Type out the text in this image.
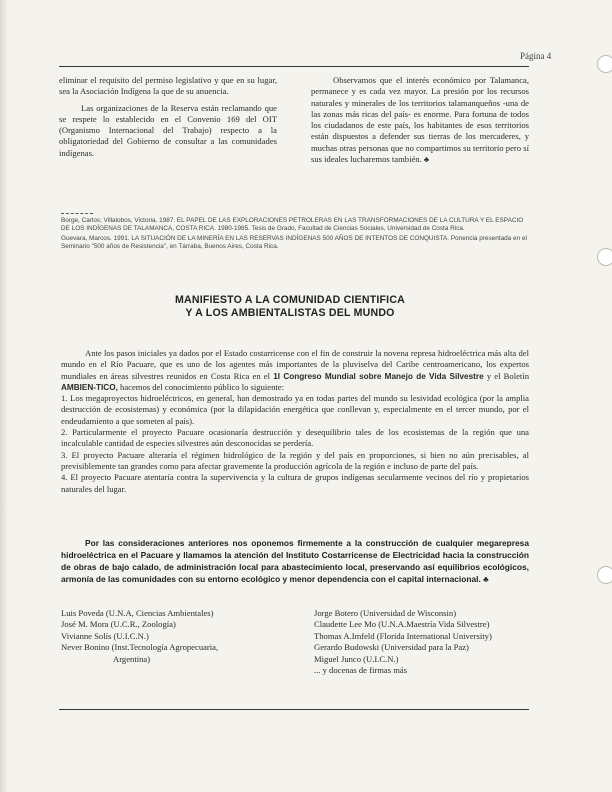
Página 4

eliminar el requisito del permiso legislativo y que en su lugar, sea la Asociación Indígena la que de su anuencia.

Las organizaciones de la Reserva están reclamando que se respete lo establecido en el Convenio 169 del OIT (Organismo Internacional del Trabajo) respecto a la obligatoriedad del Gobierno de consultar a las comunidades indígenas.

Observamos que el interés económico por Talamanca, permanece y es cada vez mayor. La presión por los recursos naturales y minerales de los territorios talamanqueños -una de las zonas más ricas del país- es enorme. Para fortuna de todos los ciudadanos de este país, los habitantes de esos territorios están dispuestos a defender sus tierras de los mercaderes, y muchas otras personas que no compartimos su territorio pero sí sus ideales lucharemos también. ♣

Borge, Carlos; Villalobos, Victoria. 1987. EL PAPEL DE LAS EXPLORACIONES PETROLERAS EN LAS TRANSFORMACIONES DE LA CULTURA Y EL ESPACIO DE LOS INDÍGENAS DE TALAMANCA, COSTA RICA. 1980-1985. Tesis de Grado, Facultad de Ciencias Sociales, Universidad de Costa Rica.

Guevara, Marcos. 1991. LA SITUACIÓN DE LA MINERÍA EN LAS RESERVAS INDÍGENAS 500 AÑOS DE INTENTOS DE CONQUISTA. Ponencia presentada en el Seminario "500 años de Resistencia", en Tárraba, Buenos Aires, Costa Rica.

MANIFIESTO A LA COMUNIDAD CIENTIFICA
Y A LOS AMBIENTALISTAS DEL MUNDO

Ante los pasos iniciales ya dados por el Estado costarricense con el fin de construir la novena represa hidroeléctrica más alta del mundo en el Río Pacuare, que es uno de los agentes más importantes de la pluviselva del Caribe centroamericano, los expertos mundiales en áreas silvestres reunidos en Costa Rica en el 1I Congreso Mundial sobre Manejo de Vida Silvestre y el Boletín AMBIEN-TICO, hacemos del conocimiento público lo siguiente:

1. Los megaproyectos hidroeléctricos, en general, han demostrado ya en todas partes del mundo su lesividad ecológica (por la amplia destrucción de ecosistemas) y económica (por la dilapidación energética que conllevan y, especialmente en el tercer mundo, por el endeudamiento a que someten al país).

2. Particularmente el proyecto Pacuare ocasionaría destrucción y desequilibrio tales de los ecosistemas de la región que una incalculable cantidad de especies silvestres aún desconocidas se perdería.

3. El proyecto Pacuare alteraría el régimen hidrológico de la región y del país en proporciones, si bien no aún precisables, al previsiblemente tan grandes como para afectar gravemente la producción agrícola de la región e incluso de parte del país.

4. El proyecto Pacuare atentaría contra la supervivencia y la cultura de grupos indígenas secularmente vecinos del río y propietarios naturales del lugar.

Por las consideraciones anteriores nos oponemos firmemente a la construcción de cualquier megarepresa hidroeléctrica en el Pacuare y llamamos la atención del Instituto Costarricense de Electricidad hacia la construcción de obras de bajo calado, de administración local para abastecimiento local, preservando así equilibrios ecológicos, armonía de las comunidades con su entorno ecológico y menor dependencia con el capital internacional. ♣

Luis Poveda (U.N.A, Ciencias Ambientales)
José M. Mora (U.C.R., Zoología)
Vivianne Solís (U.I.C.N.)
Never Bonino (Inst.Tecnología Agropecuaria,
Argentina)
Jorge Botero (Universidad de Wisconsin)
Claudette Lee Mo (U.N.A.Maestría Vida Silvestre)
Thomas A.Imfeld (Florida International University)
Gerardo Budowski (Universidad para la Paz)
Miguel Junco (U.I.C.N.)
... y docenas de firmas más
